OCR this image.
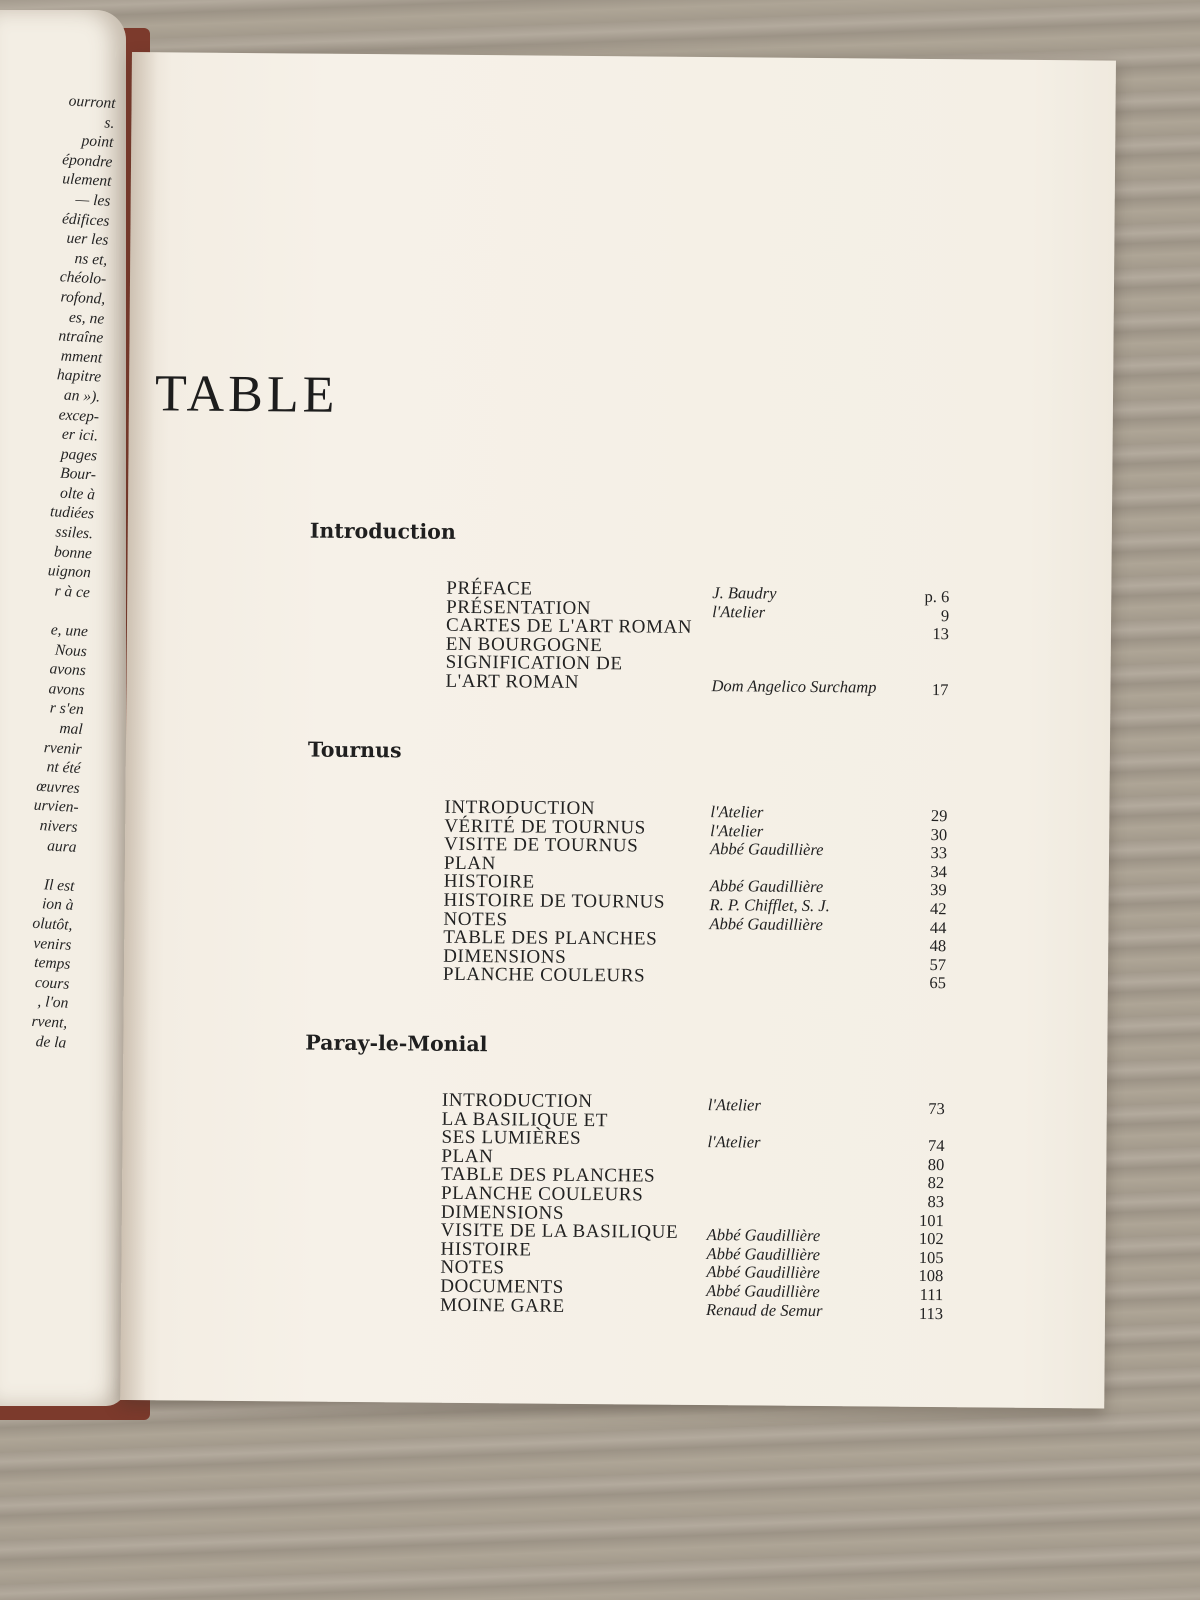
ourront
s.
point
épondre
ulement
— les
édifices
uer les
ns et,
chéolo-
rofond,
es, ne
ntraîne
mment
hapitre
an »).
excep-
er ici.
pages
Bour-
olte à
tudiées
ssiles.
bonne
uignon
r à ce

e, une
Nous
avons
avons
r s'en
mal
rvenir
nt été
œuvres
urvien-
nivers
aura

Il est
ion à
olutôt,
venirs
temps
cours
, l'on
rvent,
de la
TABLE
Introduction
PRÉFACE	J. Baudry	p. 6
PRÉSENTATION	l'Atelier	9
CARTES DE L'ART ROMAN	13
EN BOURGOGNE
SIGNIFICATION DE
L'ART ROMAN	Dom Angelico Surchamp	17
Tournus
INTRODUCTION	l'Atelier	29
VÉRITÉ DE TOURNUS	l'Atelier	30
VISITE DE TOURNUS	Abbé Gaudillière	33
PLAN	34
HISTOIRE	Abbé Gaudillière	39
HISTOIRE DE TOURNUS	R. P. Chifflet, S. J.	42
NOTES	Abbé Gaudillière	44
TABLE DES PLANCHES	48
DIMENSIONS	57
PLANCHE COULEURS	65
Paray-le-Monial
INTRODUCTION	l'Atelier	73
LA BASILIQUE ET
SES LUMIÈRES	l'Atelier	74
PLAN	80
TABLE DES PLANCHES	82
PLANCHE COULEURS	83
DIMENSIONS	101
VISITE DE LA BASILIQUE Abbé Gaudillière	102
HISTOIRE	Abbé Gaudillière	105
NOTES	Abbé Gaudillière	108
DOCUMENTS	Abbé Gaudillière	111
MOINE GARE	Renaud de Semur	113
